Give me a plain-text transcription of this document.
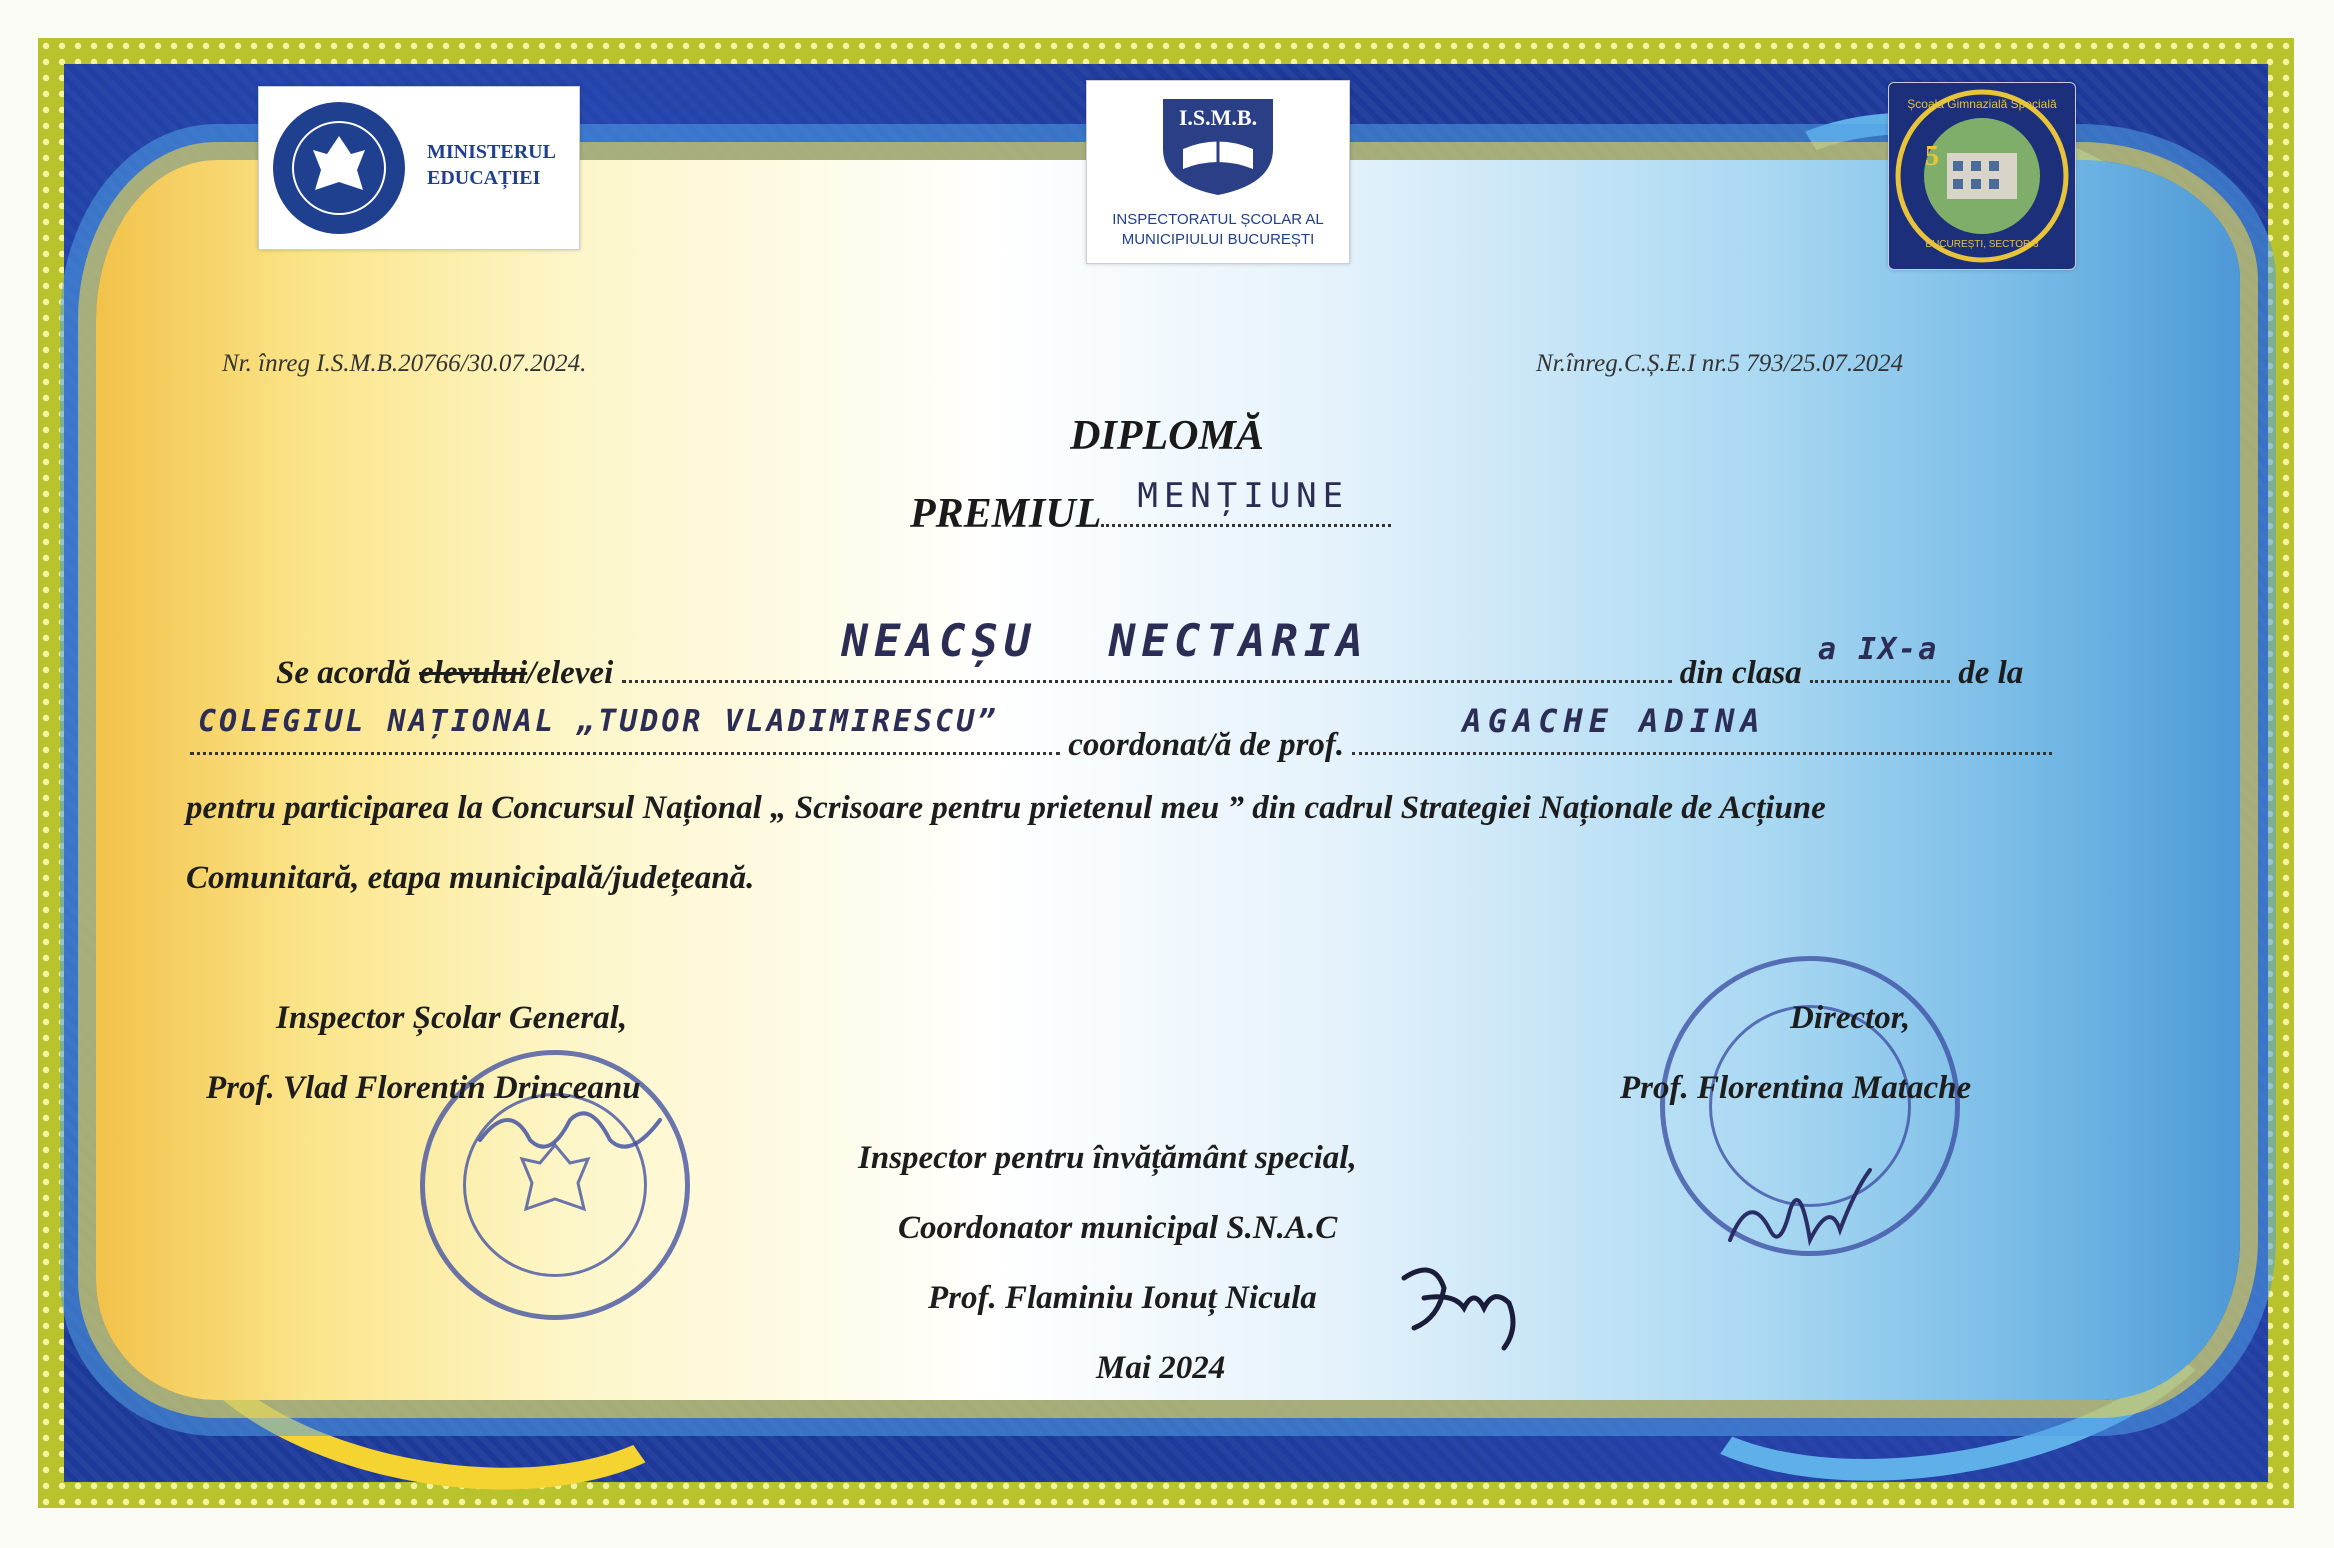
MINISTERUL
EDUCAȚIEI
I.S.M.B.
INSPECTORATUL ȘCOLAR AL
MUNICIPIULUI BUCUREȘTI
Școala Gimnazială Specială
5
BUCUREȘTI, SECTOR 3
Nr. înreg I.S.M.B.20766/30.07.2024.	Nr.înreg.C.Ș.E.I nr.5 793/25.07.2024
DIPLOMĂ
PREMIUL MENȚIUNE
Se acordă elevului/elevei
NEACȘU NECTARIA
din clasa
a IX-a
de la
COLEGIUL NAȚIONAL „TUDOR VLADIMIRESCU”
coordonat/ă de prof.
AGACHE ADINA
pentru participarea la Concursul Național „ Scrisoare pentru prietenul meu ” din cadrul Strategiei Naționale de Acțiune
Comunitară, etapa municipală/județeană.
Inspector Școlar General,
Prof. Vlad Florentin Drinceanu
Director,
Prof. Florentina Matache
Inspector pentru învățământ special,
Coordonator municipal S.N.A.C
Prof. Flaminiu Ionuț Nicula
Mai 2024
